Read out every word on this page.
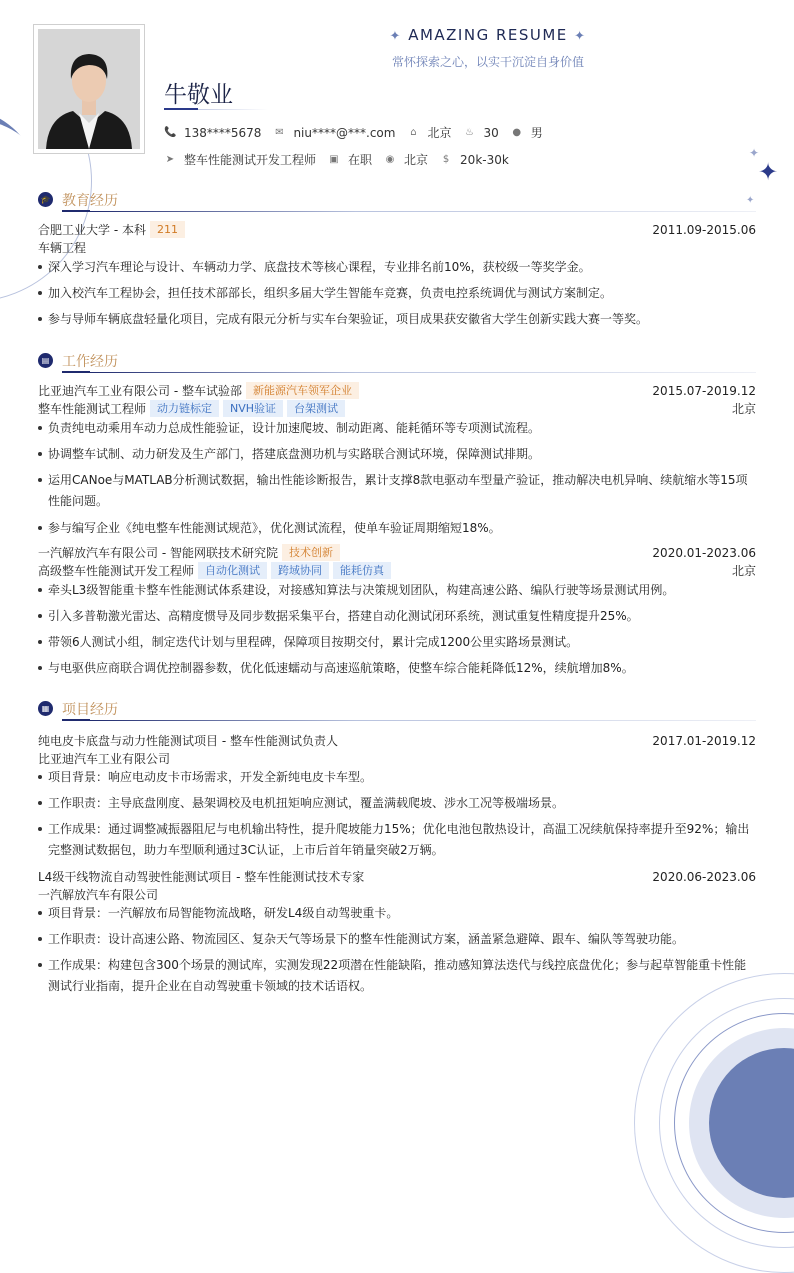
✦
✦
✦
✦ AMAZING RESUME ✦
常怀探索之心，以实干沉淀自身价值
牛敬业
📞 138****5678 ✉ niu****@***.com ⌂ 北京 ♨ 30 ● 男
➤ 整车性能测试开发工程师 ▣ 在职 ◉ 北京 $ 20k-30k
🎓 教育经历
合肥工业大学 - 本科	211	2011.09-2015.06
车辆工程
深入学习汽车理论与设计、车辆动力学、底盘技术等核心课程，专业排名前10%，获校级一等奖学金。
加入校汽车工程协会，担任技术部部长，组织多届大学生智能车竞赛，负责电控系统调优与测试方案制定。
参与导师车辆底盘轻量化项目，完成有限元分析与实车台架验证，项目成果获安徽省大学生创新实践大赛一等奖。
▤ 工作经历
比亚迪汽车工业有限公司 - 整车试验部	新能源汽车领军企业	2015.07-2019.12
整车性能测试工程师	动力链标定	NVH验证	台架测试	北京
负责纯电动乘用车动力总成性能验证，设计加速爬坡、制动距离、能耗循环等专项测试流程。
协调整车试制、动力研发及生产部门，搭建底盘测功机与实路联合测试环境，保障测试排期。
运用CANoe与MATLAB分析测试数据，输出性能诊断报告，累计支撑8款电驱动车型量产验证，推动解决电机异响、续航缩水等15项性能问题。
参与编写企业《纯电整车性能测试规范》，优化测试流程，使单车验证周期缩短18%。
一汽解放汽车有限公司 - 智能网联技术研究院	技术创新	2020.01-2023.06
高级整车性能测试开发工程师	自动化测试	跨域协同	能耗仿真	北京
牵头L3级智能重卡整车性能测试体系建设，对接感知算法与决策规划团队，构建高速公路、编队行驶等场景测试用例。
引入多普勒激光雷达、高精度惯导及同步数据采集平台，搭建自动化测试闭环系统，测试重复性精度提升25%。
带领6人测试小组，制定迭代计划与里程碑，保障项目按期交付，累计完成1200公里实路场景测试。
与电驱供应商联合调优控制器参数，优化低速蠕动与高速巡航策略，使整车综合能耗降低12%，续航增加8%。
▦ 项目经历
纯电皮卡底盘与动力性能测试项目 - 整车性能测试负责人	2017.01-2019.12
比亚迪汽车工业有限公司
项目背景：响应电动皮卡市场需求，开发全新纯电皮卡车型。
工作职责：主导底盘刚度、悬架调校及电机扭矩响应测试，覆盖满载爬坡、涉水工况等极端场景。
工作成果：通过调整减振器阻尼与电机输出特性，提升爬坡能力15%；优化电池包散热设计，高温工况续航保持率提升至92%；输出完整测试数据包，助力车型顺利通过3C认证，上市后首年销量突破2万辆。
L4级干线物流自动驾驶性能测试项目 - 整车性能测试技术专家	2020.06-2023.06
一汽解放汽车有限公司
项目背景：一汽解放布局智能物流战略，研发L4级自动驾驶重卡。
工作职责：设计高速公路、物流园区、复杂天气等场景下的整车性能测试方案，涵盖紧急避障、跟车、编队等驾驶功能。
工作成果：构建包含300个场景的测试库，实测发现22项潜在性能缺陷，推动感知算法迭代与线控底盘优化；参与起草智能重卡性能测试行业指南，提升企业在自动驾驶重卡领域的技术话语权。
